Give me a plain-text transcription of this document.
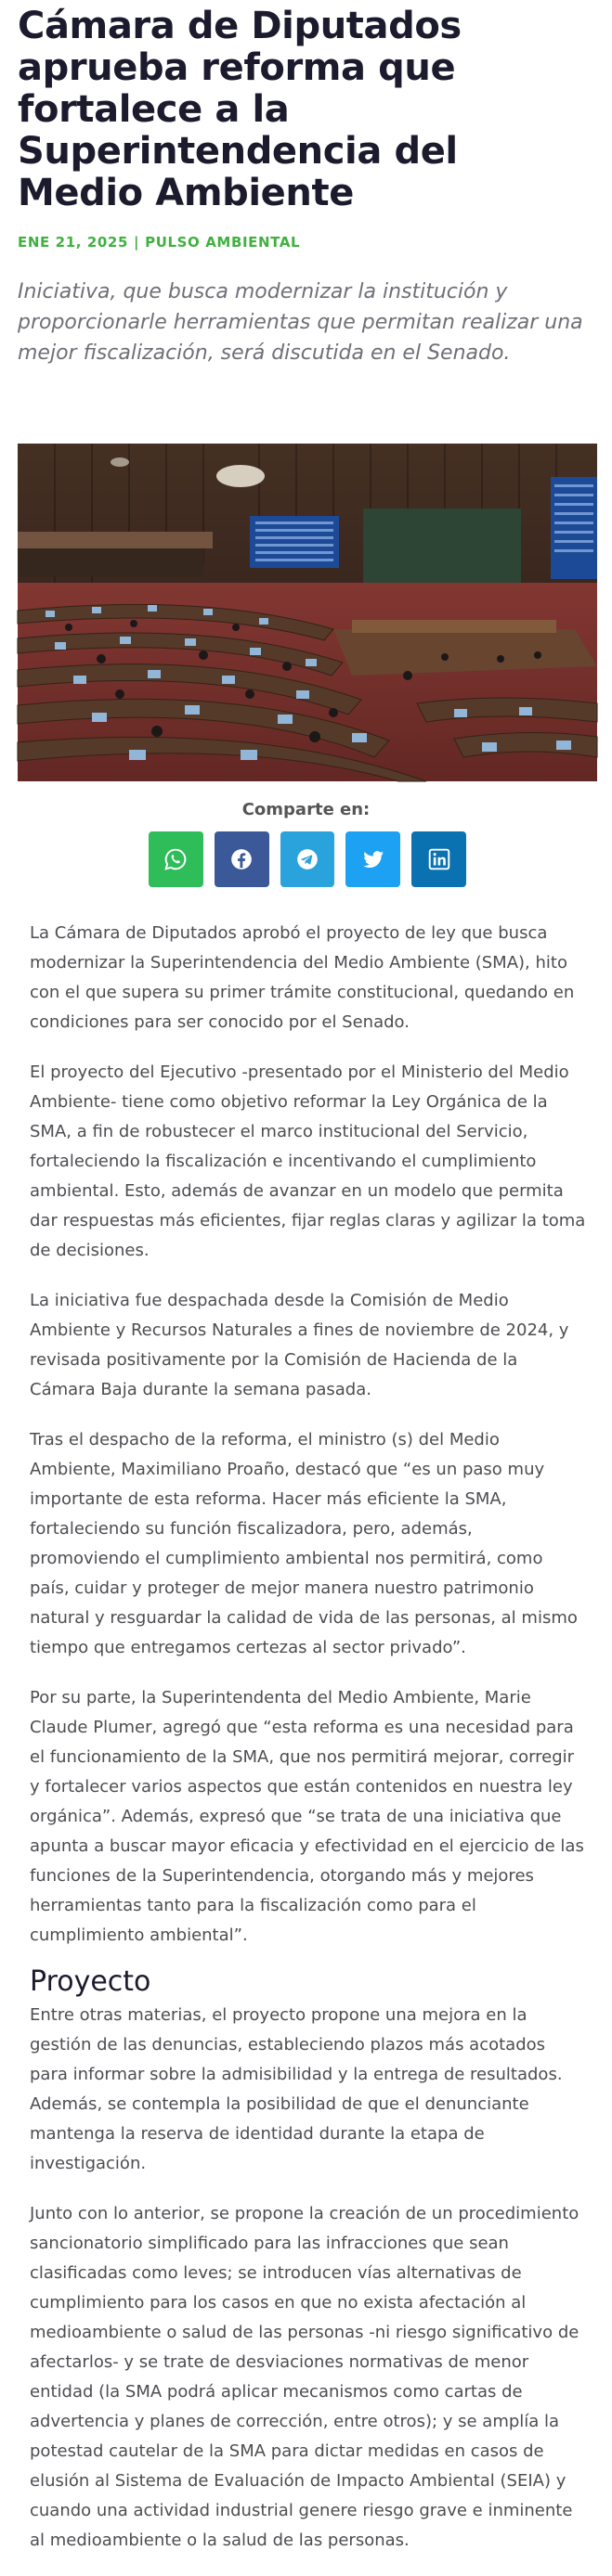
Cámara de Diputados aprueba reforma que fortalece a la Superintendencia del Medio Ambiente
ENE 21, 2025 | PULSO AMBIENTAL

Iniciativa, que busca modernizar la institución y proporcionarle herramientas que permitan realizar una mejor fiscalización, será discutida en el Senado.

Comparte en:

La Cámara de Diputados aprobó el proyecto de ley que busca modernizar la Superintendencia del Medio Ambiente (SMA), hito con el que supera su primer trámite constitucional, quedando en condiciones para ser conocido por el Senado.

El proyecto del Ejecutivo -presentado por el Ministerio del Medio Ambiente- tiene como objetivo reformar la Ley Orgánica de la SMA, a fin de robustecer el marco institucional del Servicio, fortaleciendo la fiscalización e incentivando el cumplimiento ambiental. Esto, además de avanzar en un modelo que permita dar respuestas más eficientes, fijar reglas claras y agilizar la toma de decisiones.

La iniciativa fue despachada desde la Comisión de Medio Ambiente y Recursos Naturales a fines de noviembre de 2024, y revisada positivamente por la Comisión de Hacienda de la Cámara Baja durante la semana pasada.

Tras el despacho de la reforma, el ministro (s) del Medio Ambiente, Maximiliano Proaño, destacó que “es un paso muy importante de esta reforma. Hacer más eficiente la SMA, fortaleciendo su función fiscalizadora, pero, además, promoviendo el cumplimiento ambiental nos permitirá, como país, cuidar y proteger de mejor manera nuestro patrimonio natural y resguardar la calidad de vida de las personas, al mismo tiempo que entregamos certezas al sector privado”.

Por su parte, la Superintendenta del Medio Ambiente, Marie Claude Plumer, agregó que “esta reforma es una necesidad para el funcionamiento de la SMA, que nos permitirá mejorar, corregir y fortalecer varios aspectos que están contenidos en nuestra ley orgánica”. Además, expresó que “se trata de una iniciativa que apunta a buscar mayor eficacia y efectividad en el ejercicio de las funciones de la Superintendencia, otorgando más y mejores herramientas tanto para la fiscalización como para el cumplimiento ambiental”.

Proyecto

Entre otras materias, el proyecto propone una mejora en la gestión de las denuncias, estableciendo plazos más acotados para informar sobre la admisibilidad y la entrega de resultados. Además, se contempla la posibilidad de que el denunciante mantenga la reserva de identidad durante la etapa de investigación.

Junto con lo anterior, se propone la creación de un procedimiento sancionatorio simplificado para las infracciones que sean clasificadas como leves; se introducen vías alternativas de cumplimiento para los casos en que no exista afectación al medioambiente o salud de las personas -ni riesgo significativo de afectarlos- y se trate de desviaciones normativas de menor entidad (la SMA podrá aplicar mecanismos como cartas de advertencia y planes de corrección, entre otros); y se amplía la potestad cautelar de la SMA para dictar medidas en casos de elusión al Sistema de Evaluación de Impacto Ambiental (SEIA) y cuando una actividad industrial genere riesgo grave e inminente al medioambiente o la salud de las personas.
